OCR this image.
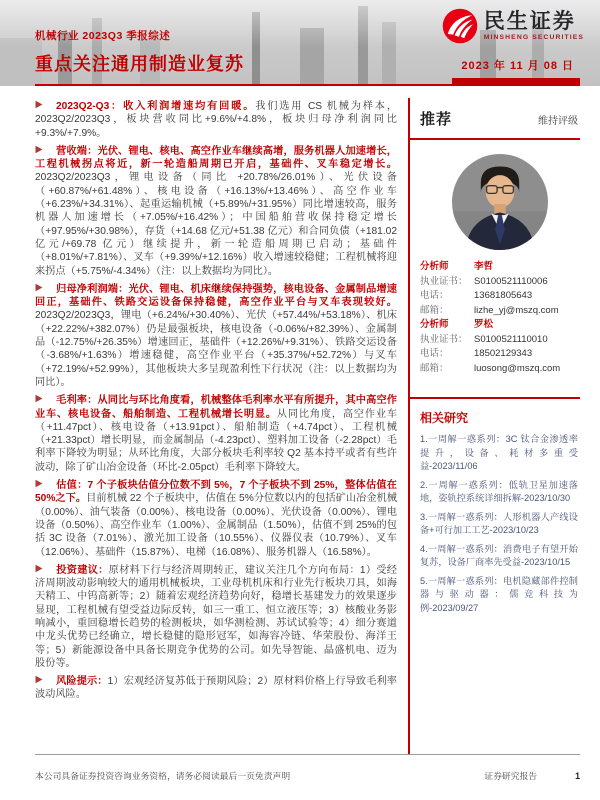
机械行业 2023Q3 季报综述
重点关注通用制造业复苏
民生证券
MINSHENG SECURITIES
2023 年 11 月 08 日

2023Q2-Q3：收入利润增速均有回暖。我们选用 CS 机械为样本，2023Q2/2023Q3，板块营收同比+9.6%/+4.8%，板块归母净利润同比+9.3%/+7.9%。

营收端：光伏、锂电、核电、高空作业车继续高增，服务机器人加速增长，工程机械拐点将近，新一轮造船周期已开启，基础件、叉车稳定增长。2023Q2/2023Q3，锂电设备（同比 +20.78%/26.01%）、光伏设备（+60.87%/+61.48%）、核电设备（+16.13%/+13.46%）、高空作业车（+6.23%/+34.31%）、起重运输机械（+5.89%/+31.95%）同比增速较高，服务机器人加速增长（+7.05%/+16.42%）；中国船舶营收保持稳定增长（+97.95%/+30.98%），存货（+14.68 亿元/+51.38 亿元）和合同负债（+181.02 亿元/+69.78 亿元）继续提升，新一轮造船周期已启动；基础件（+8.01%/+7.81%）、叉车（+9.39%/+12.16%）收入增速较稳健；工程机械将迎来拐点（+5.75%/-4.34%）（注：以上数据均为同比）。

归母净利润端：光伏、锂电、机床继续保持强势，核电设备、金属制品增速回正，基础件、铁路交运设备保持稳健，高空作业平台与叉车表现较好。2023Q2/2023Q3，锂电（+6.24%/+30.40%）、光伏（+57.44%/+53.18%）、机床（+22.22%/+382.07%）仍是最强板块，核电设备（-0.06%/+82.39%）、金属制品（-12.75%/+26.35%）增速回正，基础件（+12.26%/+9.31%）、铁路交运设备（-3.68%/+1.63%）增速稳健，高空作业平台（+35.37%/+52.72%）与叉车（+72.19%/+52.99%），其他板块大多呈现盈利性下行状况（注：以上数据均为同比）。

毛利率：从同比与环比角度看，机械整体毛利率水平有所提升，其中高空作业车、核电设备、船舶制造、工程机械增长明显。从同比角度，高空作业车（+11.47pct）、核电设备（+13.91pct）、船舶制造（+4.74pct）、工程机械（+21.33pct）增长明显，而金属制品（-4.23pct）、塑料加工设备（-2.28pct）毛利率下降较为明显；从环比角度，大部分板块毛利率较 Q2 基本持平或者有些许波动，除了矿山冶金设备（环比-2.05pct）毛利率下降较大。

估值：7 个子板块估值分位数不到 5%，7 个子板块不到 25%，整体估值在 50%之下。目前机械 22 个子板块中，估值在 5%分位数以内的包括矿山冶金机械（0.00%）、油气装备（0.00%）、核电设备（0.00%）、光伏设备（0.00%）、锂电设备（0.50%）、高空作业车（1.00%）、金属制品（1.50%），估值不到 25%的包括 3C 设备（7.01%）、激光加工设备（10.55%）、仪器仪表（10.79%）、叉车（12.06%）、基础件（15.87%）、电梯（16.08%）、服务机器人（16.58%）。

投资建议：原材料下行与经济周期转正，建议关注几个方向布局：1）受经济周期波动影响较大的通用机械板块，工业母机机床和行业先行板块刀具，如海天精工、中钨高新等；2）随着宏观经济趋势向好，稳增长基建发力的效果逐步显现，工程机械有望受益边际反转，如三一重工、恒立液压等；3）核酸业务影响减小，重回稳增长趋势的检测板块，如华测检测、苏试试验等；4）细分赛道中龙头优势已经确立，增长稳健的隐形冠军，如海容冷链、华荣股份、海洋王等；5）新能源设备中具备长期竞争优势的公司。如先导智能、晶盛机电、迈为股份等。

风险提示：1）宏观经济复苏低于预期风险；2）原材料价格上行导致毛利率波动风险。

推荐	维持评级
分析师	李哲
执业证书： S0100521110006
电话：	13681805643
邮箱：	lizhe_yj@mszq.com
分析师	罗松
执业证书： S0100521110010
电话：	18502129343
邮箱：	luosong@mszq.com
相关研究
1.一周解一惑系列：3C 钛合金渗透率提升，设备、耗材多重受益-2023/11/06
2.一周解一惑系列：低轨卫星加速落地，姿轨控系统详细拆解-2023/10/30
3.一周解一惑系列：人形机器人产线设备+可行加工工艺-2023/10/23
4.一周解一惑系列：消费电子有望开始复苏，设备厂商率先受益-2023/10/15
5.一周解一惑系列：电机隐藏部件控制器与驱动器：儒竞科技为例-2023/09/27
本公司具备证券投资咨询业务资格，请务必阅读最后一页免责声明	证券研究报告	1
